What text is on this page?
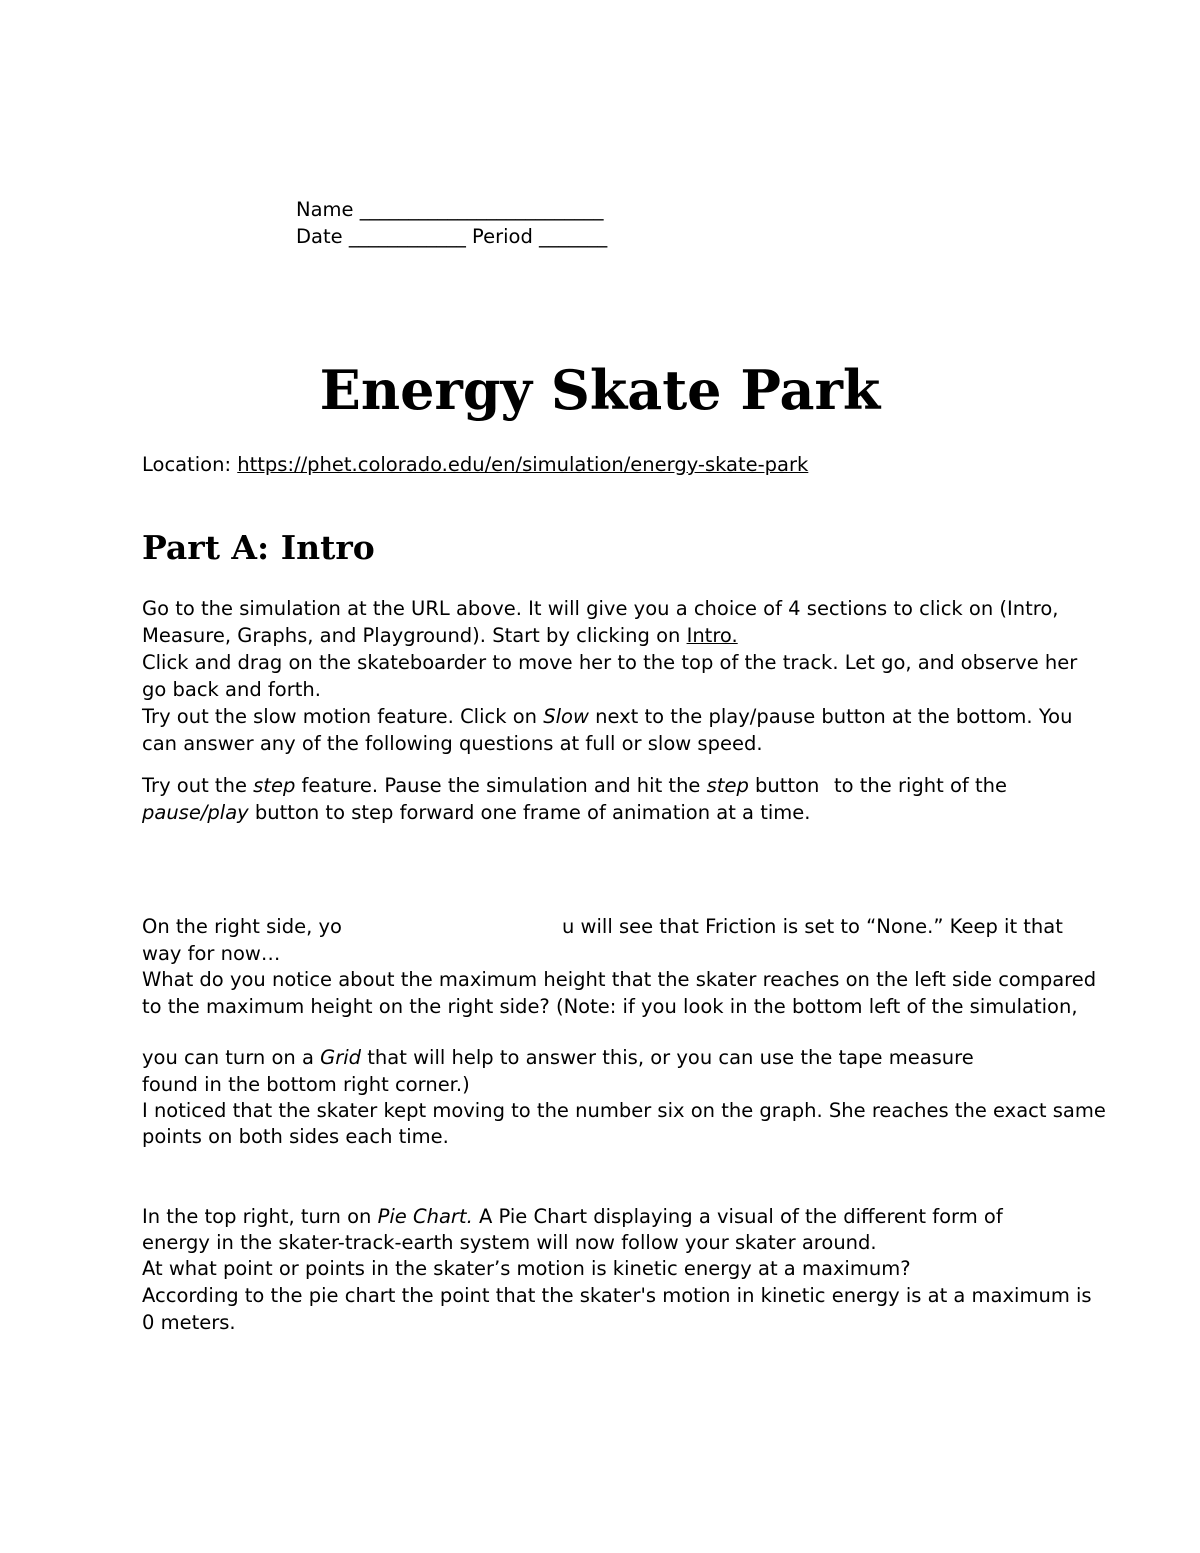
Name _________________________
Date ____________ Period _______
Energy Skate Park
Location: https://phet.colorado.edu/en/simulation/energy-skate-park
Part A: Intro
Go to the simulation at the URL above. It will give you a choice of 4 sections to click on (Intro,
Measure, Graphs, and Playground). Start by clicking on Intro.
Click and drag on the skateboarder to move her to the top of the track. Let go, and observe her
go back and forth.
Try out the slow motion feature. Click on Slow next to the play/pause button at the bottom. You
can answer any of the following questions at full or slow speed.
Try out the step feature. Pause the simulation and hit the step button to the right of the
pause/play button to step forward one frame of animation at a time.
On the right side, yo	u will see that Friction is set to “None.” Keep it that
way for now…
What do you notice about the maximum height that the skater reaches on the left side compared
to the maximum height on the right side? (Note: if you look in the bottom left of the simulation,
you can turn on a Grid that will help to answer this, or you can use the tape measure
found in the bottom right corner.)
I noticed that the skater kept moving to the number six on the graph. She reaches the exact same
points on both sides each time.
In the top right, turn on Pie Chart. A Pie Chart displaying a visual of the different form of
energy in the skater-track-earth system will now follow your skater around.
At what point or points in the skater’s motion is kinetic energy at a maximum?
According to the pie chart the point that the skater's motion in kinetic energy is at a maximum is
0 meters.
